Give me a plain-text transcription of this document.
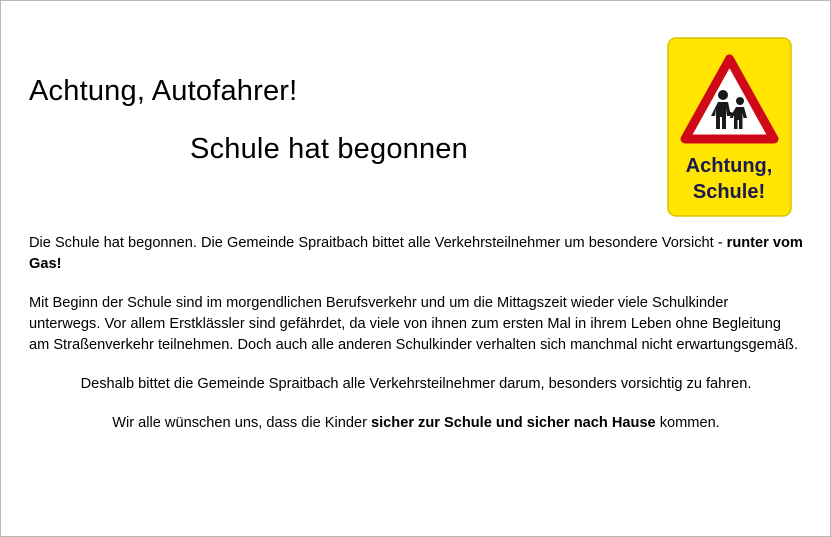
Achtung, Autofahrer!
Schule hat begonnen
Achtung,
Schule!

Die Schule hat begonnen. Die Gemeinde Spraitbach bittet alle Verkehrsteilnehmer um besondere Vorsicht - runter vom Gas!

Mit Beginn der Schule sind im morgendlichen Berufsverkehr und um die Mittagszeit wieder viele Schulkinder unterwegs. Vor allem Erstklässler sind gefährdet, da viele von ihnen zum ersten Mal in ihrem Leben ohne Begleitung am Straßenverkehr teilnehmen. Doch auch alle anderen Schulkinder verhalten sich manchmal nicht erwartungsgemäß.

Deshalb bittet die Gemeinde Spraitbach alle Verkehrsteilnehmer darum, besonders vorsichtig zu fahren.

Wir alle wünschen uns, dass die Kinder sicher zur Schule und sicher nach Hause kommen.
